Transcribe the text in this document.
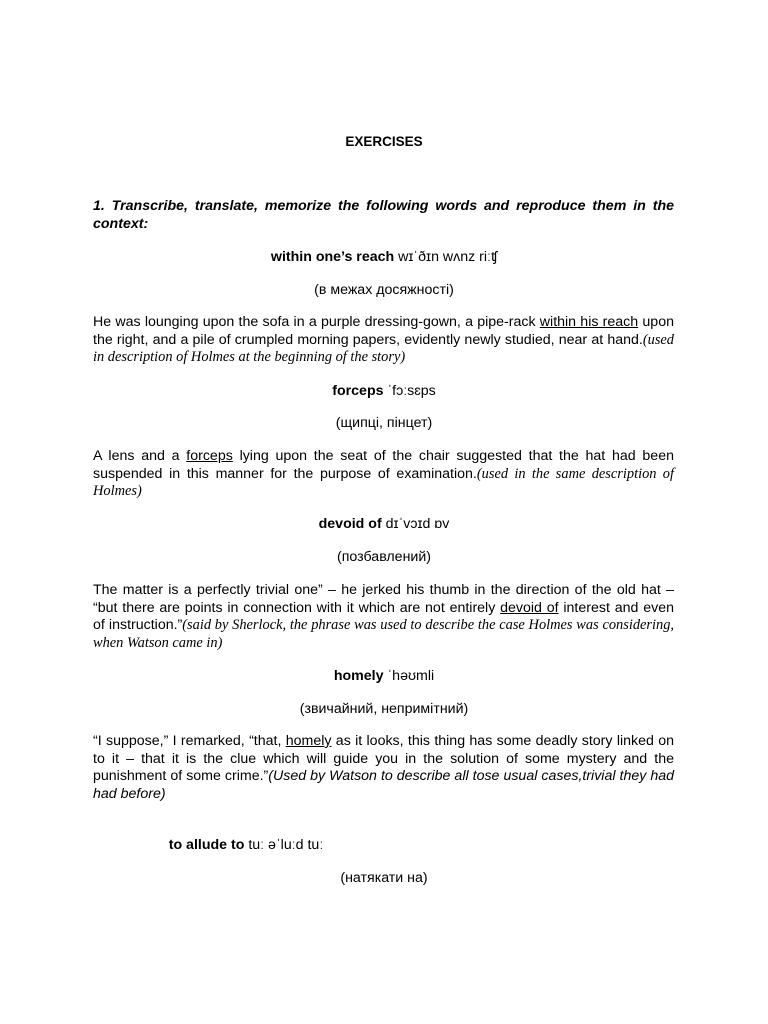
EXERCISES
1. Transcribe, translate, memorize the following words and reproduce them in the context:
within one’s reach wɪˈðɪn wʌnz riːʧ
(в межах досяжності)
He was lounging upon the sofa in a purple dressing-gown, a pipe-rack within his reach upon the right, and a pile of crumpled morning papers, evidently newly studied, near at hand.(used in description of Holmes at the beginning of the story)
forceps ˈfɔːsɛps
(щипці, пінцет)
A lens and a forceps lying upon the seat of the chair suggested that the hat had been suspended in this manner for the purpose of examination.(used in the same description of Holmes)
devoid of dɪˈvɔɪd ɒv
(позбавлений)
The matter is a perfectly trivial one” – he jerked his thumb in the direction of the old hat – “but there are points in connection with it which are not entirely devoid of interest and even of instruction.”(said by Sherlock, the phrase was used to describe the case Holmes was considering, when Watson came in)
homely ˈhəʊmli
(звичайний, непримітний)
“I suppose,” I remarked, “that, homely as it looks, this thing has some deadly story linked on to it – that it is the clue which will guide you in the solution of some mystery and the punishment of some crime.”(Used by Watson to describe all tose usual cases,trivial they had had before)
to allude to tuː əˈluːd tuː
(натякати на)
